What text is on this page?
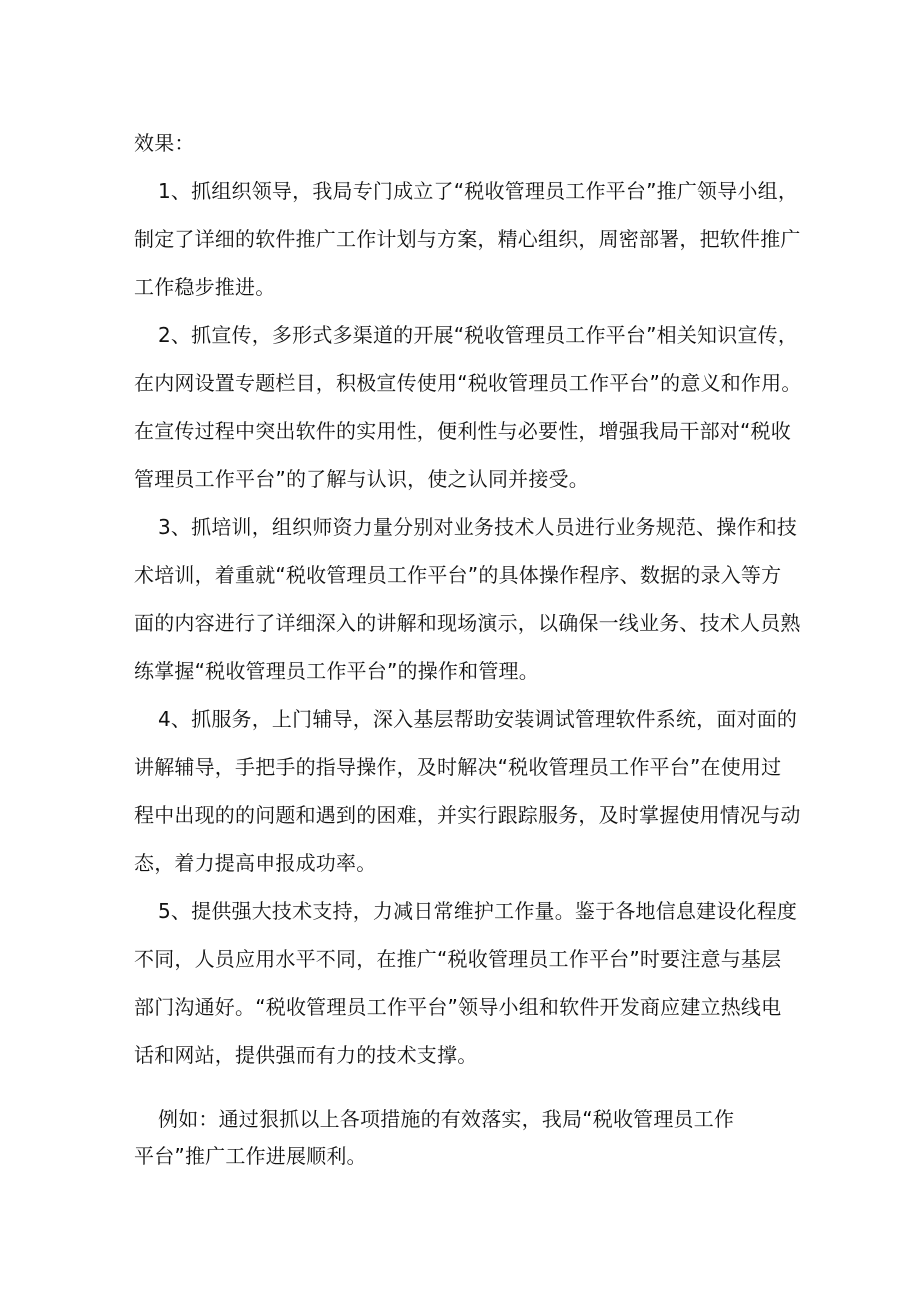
效果：
1、抓组织领导，我局专门成立了“税收管理员工作平台”推广领导小组，
制定了详细的软件推广工作计划与方案，精心组织，周密部署，把软件推广
工作稳步推进。
2、抓宣传，多形式多渠道的开展“税收管理员工作平台”相关知识宣传，
在内网设置专题栏目，积极宣传使用“税收管理员工作平台”的意义和作用。
在宣传过程中突出软件的实用性，便利性与必要性，增强我局干部对“税收
管理员工作平台”的了解与认识，使之认同并接受。
3、抓培训，组织师资力量分别对业务技术人员进行业务规范、操作和技
术培训，着重就“税收管理员工作平台”的具体操作程序、数据的录入等方
面的内容进行了详细深入的讲解和现场演示，以确保一线业务、技术人员熟
练掌握“税收管理员工作平台”的操作和管理。
4、抓服务，上门辅导，深入基层帮助安装调试管理软件系统，面对面的
讲解辅导，手把手的指导操作，及时解决“税收管理员工作平台”在使用过
程中出现的的问题和遇到的困难，并实行跟踪服务，及时掌握使用情况与动
态，着力提高申报成功率。
5、提供强大技术支持，力减日常维护工作量。鉴于各地信息建设化程度
不同，人员应用水平不同，在推广“税收管理员工作平台”时要注意与基层
部门沟通好。“税收管理员工作平台”领导小组和软件开发商应建立热线电
话和网站，提供强而有力的技术支撑。
例如：通过狠抓以上各项措施的有效落实，我局“税收管理员工作
平台”推广工作进展顺利。
